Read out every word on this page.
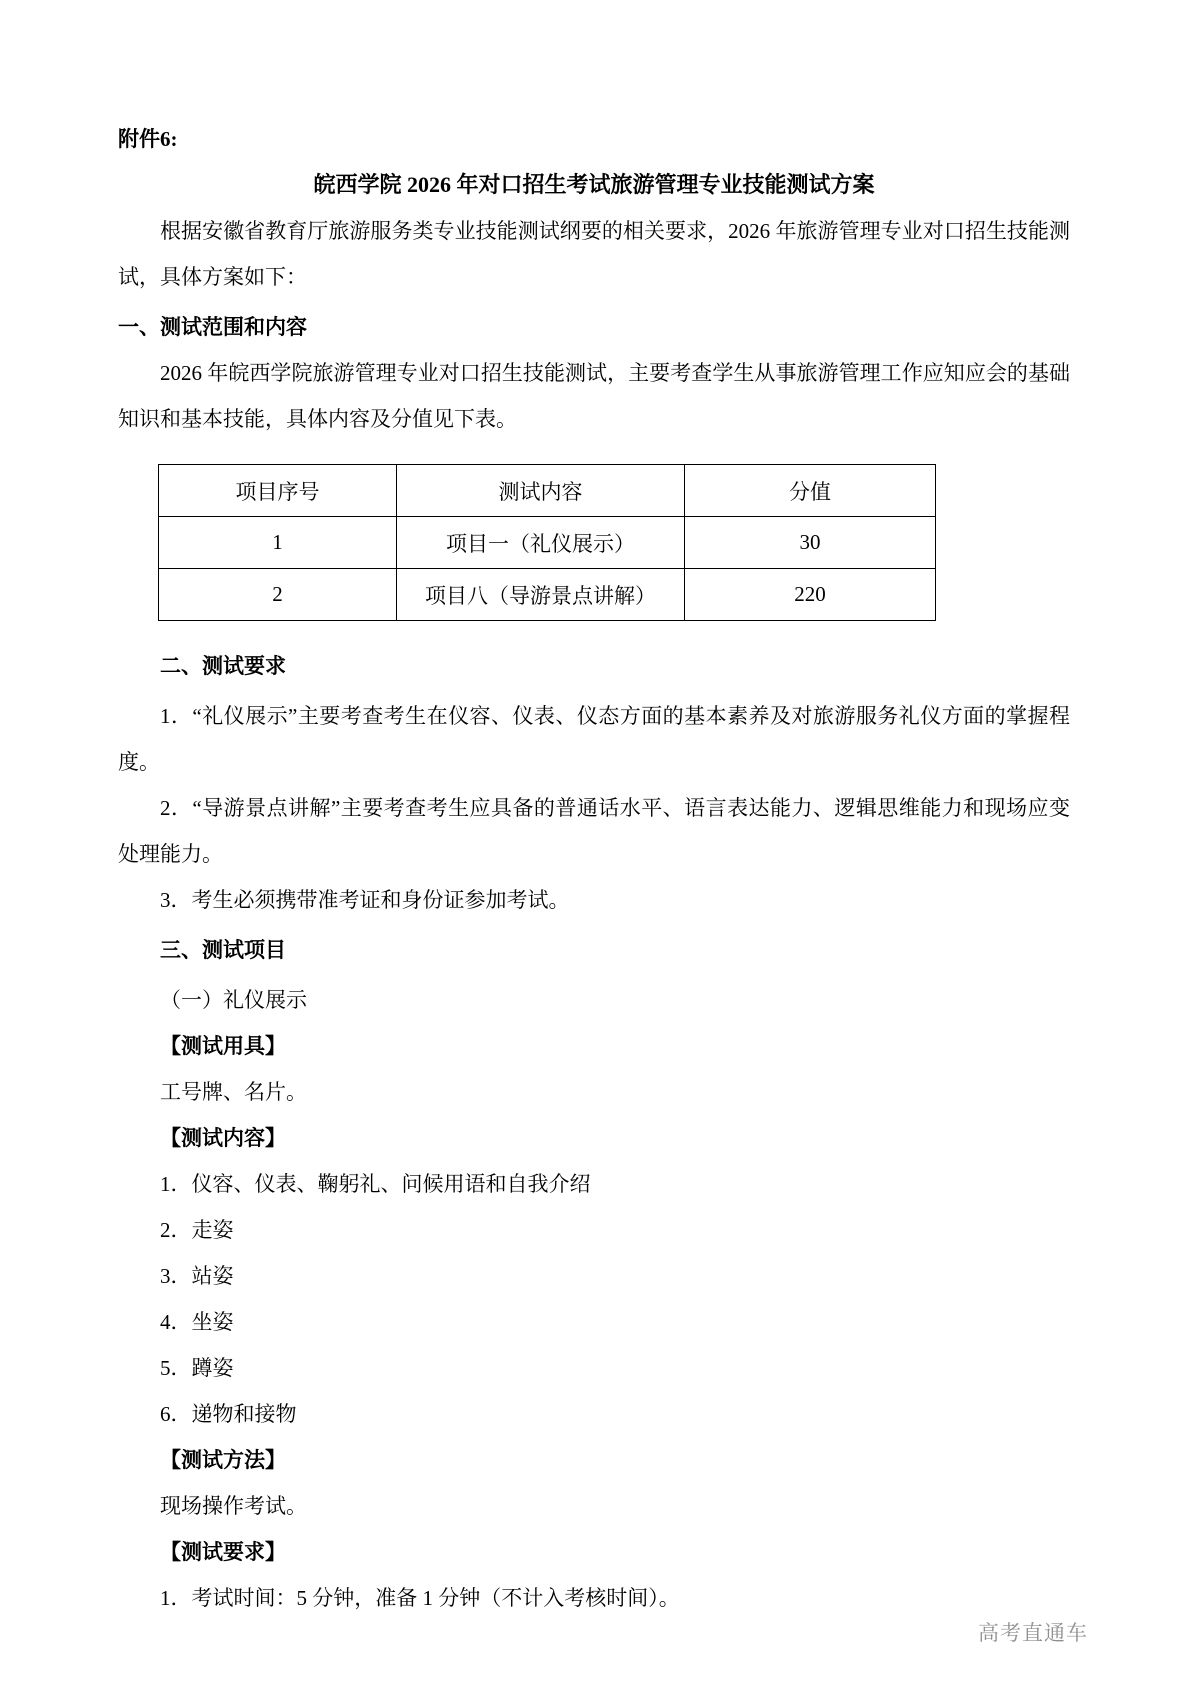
附件6:

皖西学院 2026 年对口招生考试旅游管理专业技能测试方案

根据安徽省教育厅旅游服务类专业技能测试纲要的相关要求，2026 年旅游管理专业对口招生技能测试，具体方案如下：

一、测试范围和内容

2026 年皖西学院旅游管理专业对口招生技能测试，主要考查学生从事旅游管理工作应知应会的基础知识和基本技能，具体内容及分值见下表。

项目序号	测试内容	分值
1	项目一（礼仪展示）	30
2	项目八（导游景点讲解）	220

二、测试要求

1．“礼仪展示”主要考查考生在仪容、仪表、仪态方面的基本素养及对旅游服务礼仪方面的掌握程度。

2．“导游景点讲解”主要考查考生应具备的普通话水平、语言表达能力、逻辑思维能力和现场应变处理能力。

3．考生必须携带准考证和身份证参加考试。

三、测试项目

（一）礼仪展示

【测试用具】

工号牌、名片。

【测试内容】

1．仪容、仪表、鞠躬礼、问候用语和自我介绍

2．走姿

3．站姿

4．坐姿

5．蹲姿

6．递物和接物

【测试方法】

现场操作考试。

【测试要求】

1．考试时间：5 分钟，准备 1 分钟（不计入考核时间）。

高考直通车
